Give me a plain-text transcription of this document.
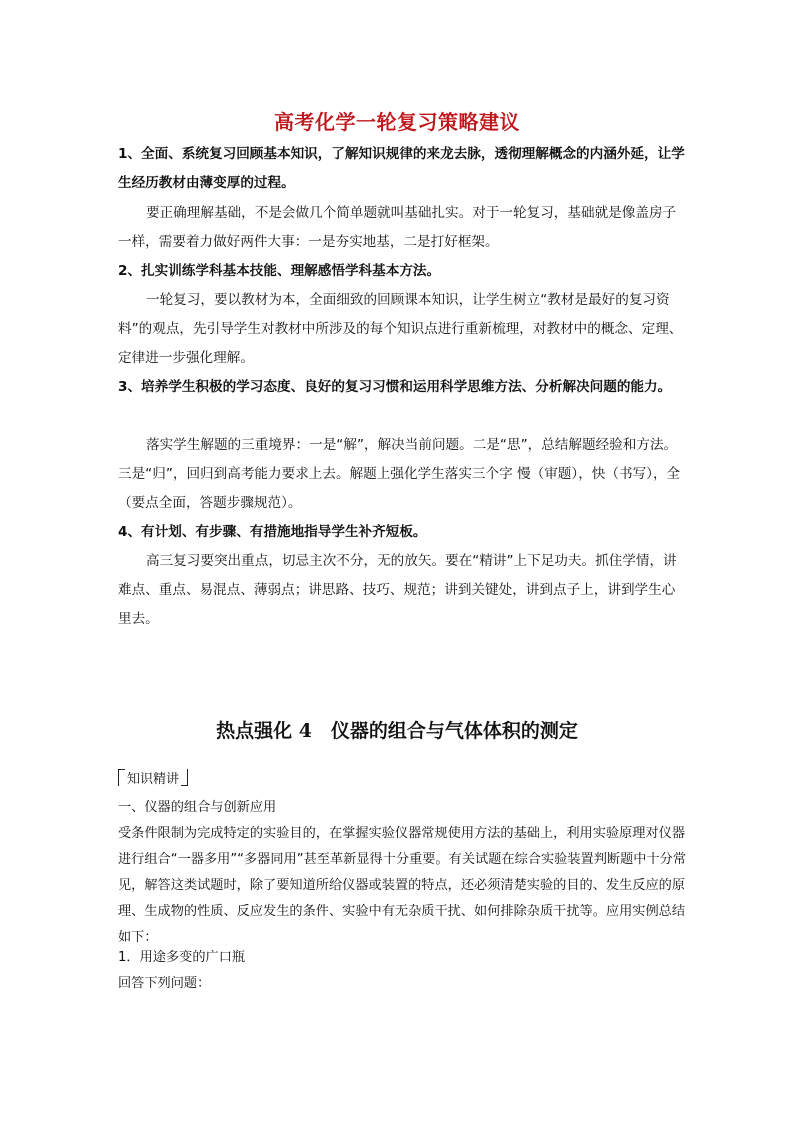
高考化学一轮复习策略建议
1、全面、系统复习回顾基本知识，了解知识规律的来龙去脉，透彻理解概念的内涵外延，让学生经历教材由薄变厚的过程。
要正确理解基础，不是会做几个简单题就叫基础扎实。对于一轮复习，基础就是像盖房子一样，需要着力做好两件大事：一是夯实地基，二是打好框架。
2、扎实训练学科基本技能、理解感悟学科基本方法。
一轮复习，要以教材为本，全面细致的回顾课本知识，让学生树立“教材是最好的复习资料”的观点，先引导学生对教材中所涉及的每个知识点进行重新梳理，对教材中的概念、定理、定律进一步强化理解。
3、培养学生积极的学习态度、良好的复习习惯和运用科学思维方法、分析解决问题的能力。
落实学生解题的三重境界：一是“解”，解决当前问题。二是“思”，总结解题经验和方法。三是“归”，回归到高考能力要求上去。解题上强化学生落实三个字 慢（审题），快（书写），全（要点全面，答题步骤规范）。
4、有计划、有步骤、有措施地指导学生补齐短板。
高三复习要突出重点，切忌主次不分，无的放矢。要在“精讲”上下足功夫。抓住学情，讲难点、重点、易混点、薄弱点；讲思路、技巧、规范；讲到关键处，讲到点子上，讲到学生心里去。
热点强化 4　仪器的组合与气体体积的测定
知识精讲
一、仪器的组合与创新应用
受条件限制为完成特定的实验目的，在掌握实验仪器常规使用方法的基础上，利用实验原理对仪器进行组合“一器多用”“多器同用”甚至革新显得十分重要。有关试题在综合实验装置判断题中十分常见，解答这类试题时，除了要知道所给仪器或装置的特点，还必须清楚实验的目的、发生反应的原理、生成物的性质、反应发生的条件、实验中有无杂质干扰、如何排除杂质干扰等。应用实例总结如下：
1．用途多变的广口瓶
回答下列问题：
